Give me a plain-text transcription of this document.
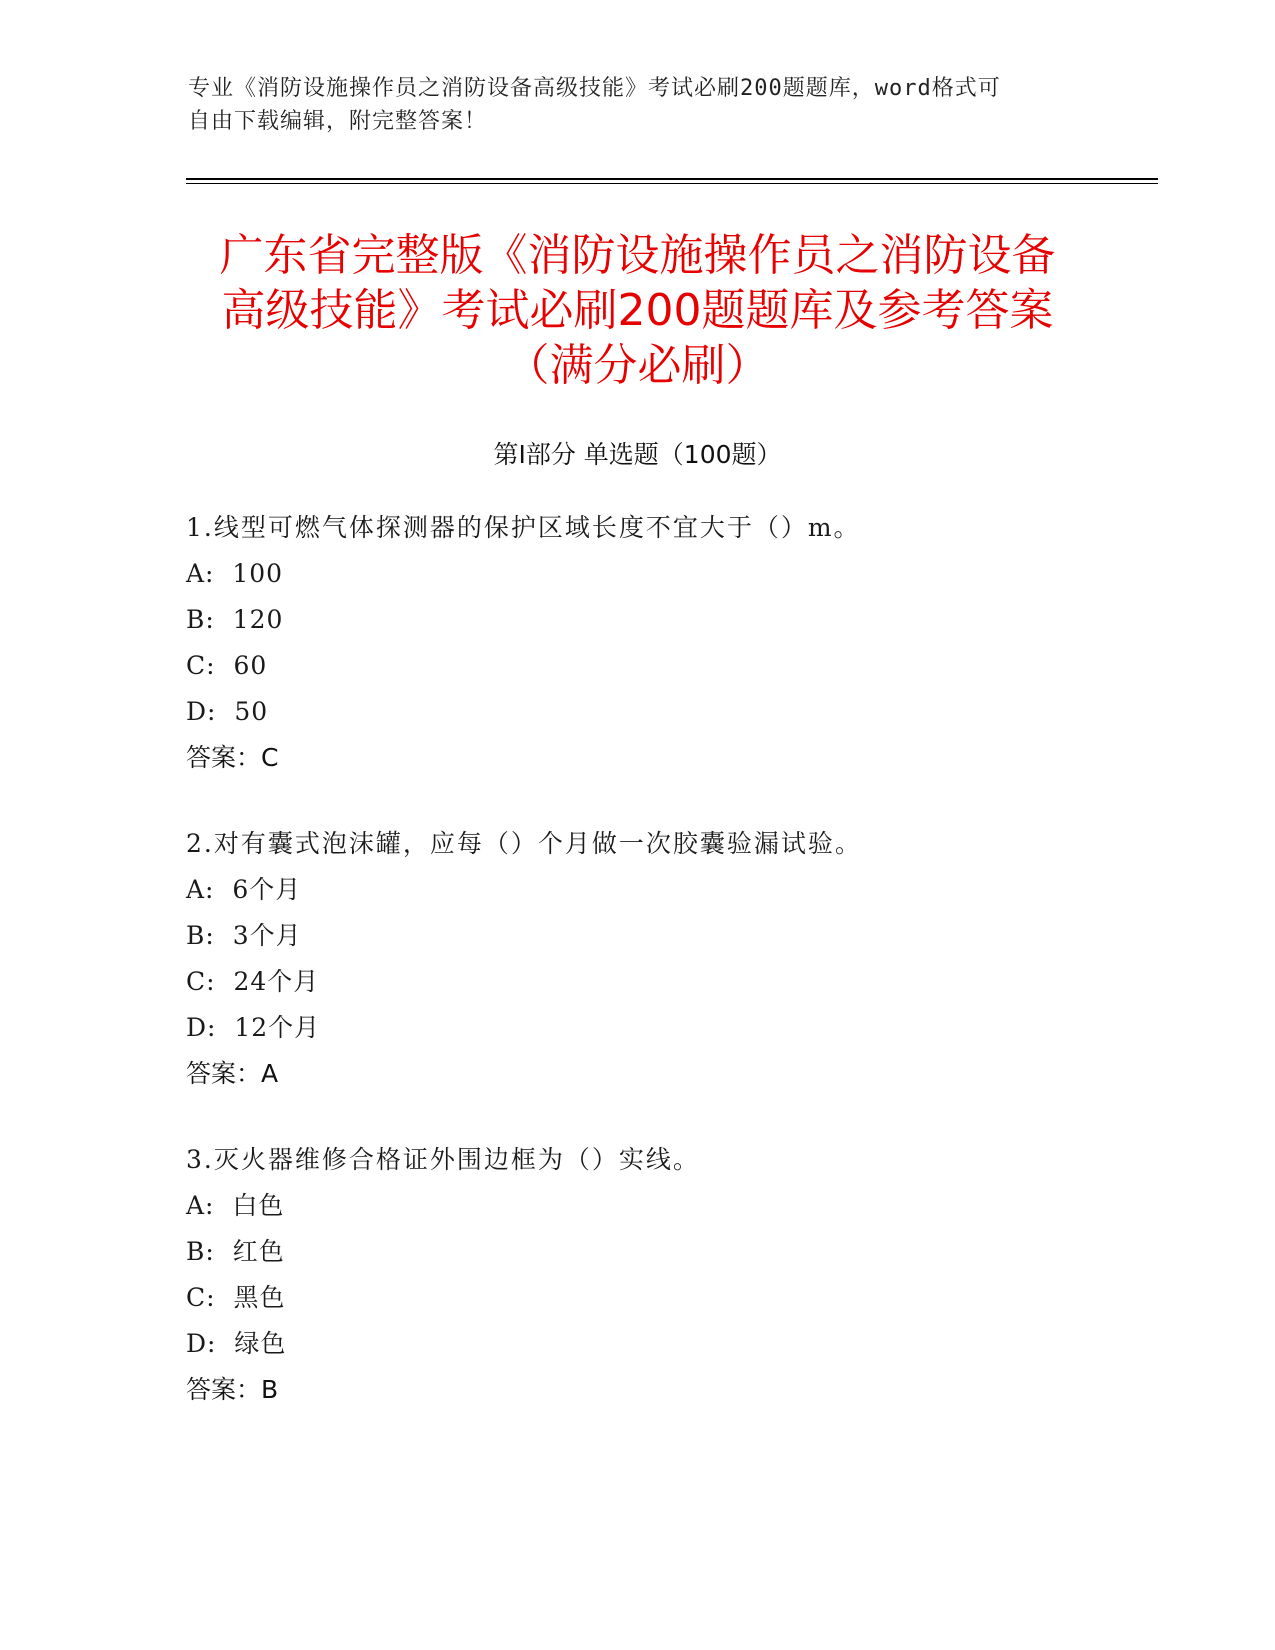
专业《消防设施操作员之消防设备高级技能》考试必刷200题题库，word格式可
自由下载编辑，附完整答案！
广东省完整版《消防设施操作员之消防设备
高级技能》考试必刷200题题库及参考答案
（满分必刷）
第Ⅰ部分 单选题（100题）
1.线型可燃气体探测器的保护区域长度不宜大于（）m。
A:  100
B:  120
C:  60
D:  50
答案：C
2.对有囊式泡沫罐，应每（）个月做一次胶囊验漏试验。
A:  6个月
B:  3个月
C:  24个月
D:  12个月
答案：A
3.灭火器维修合格证外围边框为（）实线。
A:  白色
B:  红色
C:  黑色
D:  绿色
答案：B
